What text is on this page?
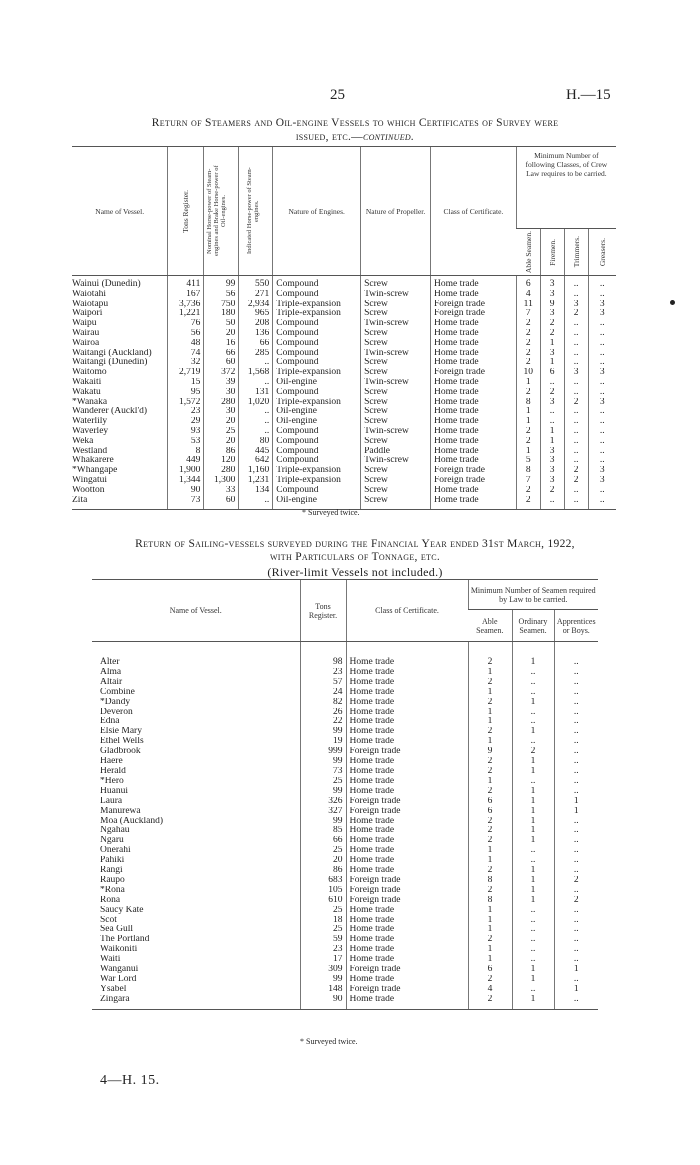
25	H.—15
Return of Steamers and Oil-engine Vessels to which Certificates of Survey were
issued, etc.—continued.
Name of Vessel.	Tons Register.	Nominal Horse-power of Steam-engines and Brake Horse-power of Oil-engines.	Indicated Horse-power of Steam-engines.	Nature of Engines.	Nature of Propeller.	Class of Certificate.	Minimum Number of following Classes, of Crew Law requires to be carried.			

							Able Seamen.	Firemen.	Trimmers.	Greasers.

Wainui (Dunedin)	411	99	550	Compound	Screw	Home trade	6	3	..	..
Waiotahi	167	56	271	Compound	Twin-screw	Home trade	4	3	..	..
Waiotapu	3,736	750	2,934	Triple-expansion	Screw	Foreign trade	11	9	3	3
Waipori	1,221	180	965	Triple-expansion	Screw	Foreign trade	7	3	2	3
Waipu	76	50	208	Compound	Twin-screw	Home trade	2	2	..	..
Wairau	56	20	136	Compound	Screw	Home trade	2	2	..	..
Wairoa	48	16	66	Compound	Screw	Home trade	2	1	..	..
Waitangi (Auckland)	74	66	285	Compound	Twin-screw	Home trade	2	3	..	..
Waitangi (Dunedin)	32	60	..	Compound	Screw	Home trade	2	1	..	..
Waitomo	2,719	372	1,568	Triple-expansion	Screw	Foreign trade	10	6	3	3
Wakaiti	15	39	..	Oil-engine	Twin-screw	Home trade	1	..	..	..
Wakatu	95	30	131	Compound	Screw	Home trade	2	2	..	..
*Wanaka	1,572	280	1,020	Triple-expansion	Screw	Home trade	8	3	2	3
Wanderer (Auckl'd)	23	30	..	Oil-engine	Screw	Home trade	1	..	..	..
Waterlily	29	20	..	Oil-engine	Screw	Home trade	1	..	..	..
Waverley	93	25	..	Compound	Twin-screw	Home trade	2	1	..	..
Weka	53	20	80	Compound	Screw	Home trade	2	1	..	..
Westland	8	86	445	Compound	Paddle	Home trade	1	3	..	..
Whakarere	449	120	642	Compound	Twin-screw	Home trade	5	3	..	..
*Whangape	1,900	280	1,160	Triple-expansion	Screw	Foreign trade	8	3	2	3
Wingatui	1,344	1,300	1,231	Triple-expansion	Screw	Foreign trade	7	3	2	3
Wootton	90	33	134	Compound	Screw	Home trade	2	2	..	..
Zita	73	60	..	Oil-engine	Screw	Home trade	2	..	..	..
* Surveyed twice.
Return of Sailing-vessels surveyed during the Financial Year ended 31st March, 1922,
with Particulars of Tonnage, etc.
(River-limit Vessels not included.)
Name of Vessel.	Tons Register.	Class of Certificate.	Minimum Number of Seamen required by Law to be carried.		
			Able Seamen.	Ordinary Seamen.	Apprentices or Boys.
Alter	98	Home trade	2	1	..
Alma	23	Home trade	1	..	..
Altair	57	Home trade	2	..	..
Combine	24	Home trade	1	..	..
*Dandy	82	Home trade	2	1	..
Deveron	26	Home trade	1	..	..
Edna	22	Home trade	1	..	..
Elsie Mary	99	Home trade	2	1	..
Ethel Wells	19	Home trade	1	..	..
Gladbrook	999	Foreign trade	9	2	..
Haere	99	Home trade	2	1	..
Herald	73	Home trade	2	1	..
*Hero	25	Home trade	1	..	..
Huanui	99	Home trade	2	1	..
Laura	326	Foreign trade	6	1	1
Manurewa	327	Foreign trade	6	1	1
Moa (Auckland)	99	Home trade	2	1	..
Ngahau	85	Home trade	2	1	..
Ngaru	66	Home trade	2	1	..
Onerahi	25	Home trade	1	..	..
Pahiki	20	Home trade	1	..	..
Rangi	86	Home trade	2	1	..
Raupo	683	Foreign trade	8	1	2
*Rona	105	Foreign trade	2	1	..
Rona	610	Foreign trade	8	1	2
Saucy Kate	25	Home trade	1	..	..
Scot	18	Home trade	1	..	..
Sea Gull	25	Home trade	1	..	..
The Portland	59	Home trade	2	..	..
Waikoniti	23	Home trade	1	..	..
Waiti	17	Home trade	1	..	..
Wanganui	309	Foreign trade	6	1	1
War Lord	99	Home trade	2	1	..
Ysabel	148	Foreign trade	4	..	1
Zingara	90	Home trade	2	1	..
* Surveyed twice.
4—H. 15.
